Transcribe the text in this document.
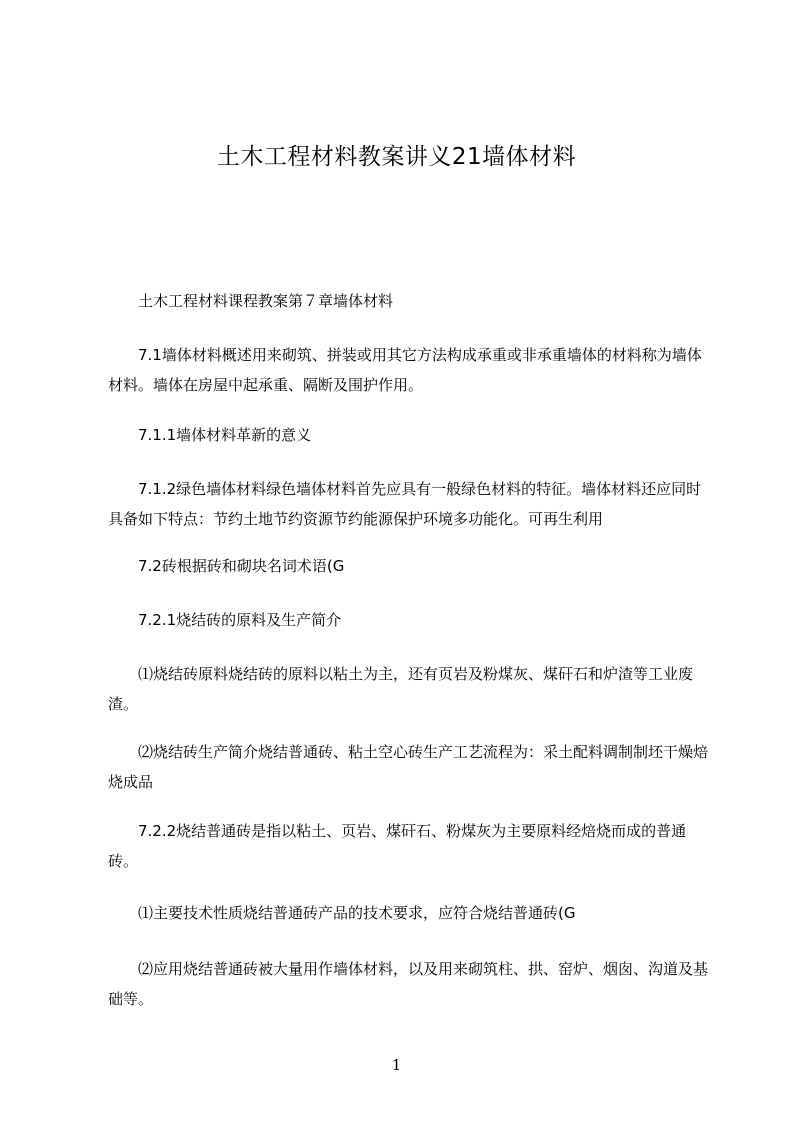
土木工程材料教案讲义21墙体材料

土木工程材料课程教案第７章墙体材料

7.1墙体材料概述用来砌筑、拼装或用其它方法构成承重或非承重墙体的材料称为墙体材料。墙体在房屋中起承重、隔断及围护作用。

7.1.1墙体材料革新的意义

7.1.2绿色墙体材料绿色墙体材料首先应具有一般绿色材料的特征。墙体材料还应同时具备如下特点：节约土地节约资源节约能源保护环境多功能化。可再生利用

7.2砖根据砖和砌块名词术语(G

7.2.1烧结砖的原料及生产简介

⑴烧结砖原料烧结砖的原料以粘土为主，还有页岩及粉煤灰、煤矸石和炉渣等工业废渣。

⑵烧结砖生产简介烧结普通砖、粘土空心砖生产工艺流程为：采土配料调制制坯干燥焙烧成品

7.2.2烧结普通砖是指以粘土、页岩、煤矸石、粉煤灰为主要原料经焙烧而成的普通砖。

⑴主要技术性质烧结普通砖产品的技术要求，应符合烧结普通砖(G

⑵应用烧结普通砖被大量用作墙体材料，以及用来砌筑柱、拱、窑炉、烟囱、沟道及基础等。

1
